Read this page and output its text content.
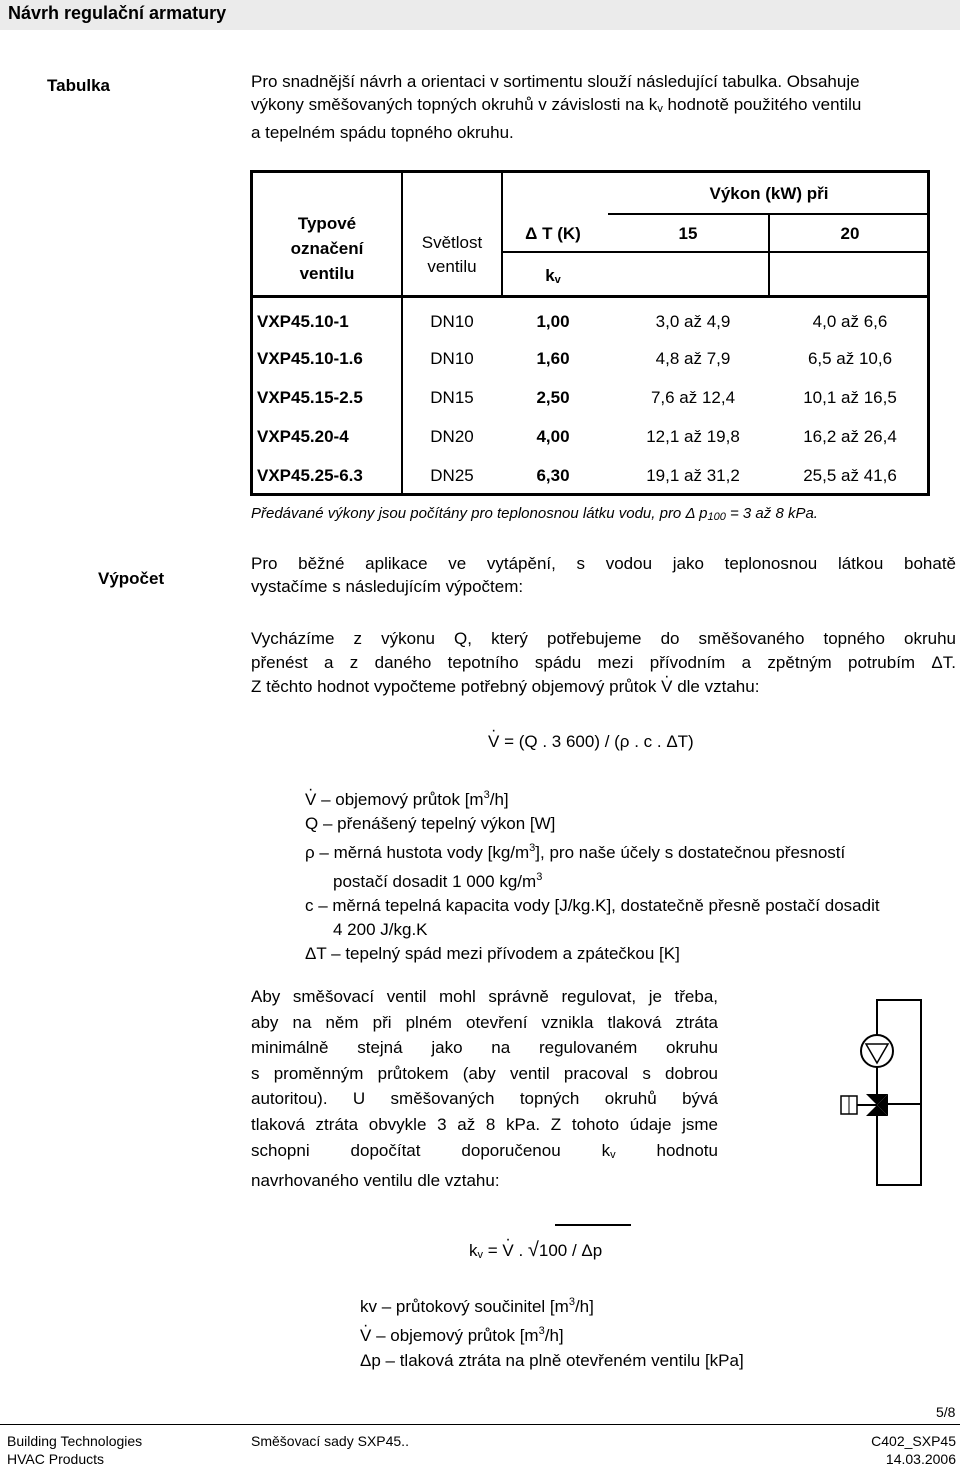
Návrh regulační armatury
Tabulka	Pro snadnější návrh a orientaci v sortimentu slouží následující tabulka. Obsahuje
výkony směšovaných topných okruhů v závislosti na kv hodnotě použitého ventilu
a tepelném spádu topného okruhu.
Typové
označení
ventilu
Světlost
ventilu
Výkon (kW) při
Δ T (K)	15	20
kv
VXP45.10-1	DN10	1,00	3,0 až 4,9	4,0 až 6,6
VXP45.10-1.6	DN10	1,60	4,8 až 7,9	6,5 až 10,6
VXP45.15-2.5	DN15	2,50	7,6 až 12,4	10,1 až 16,5
VXP45.20-4	DN20	4,00	12,1 až 19,8	16,2 až 26,4
VXP45.25-6.3	DN25	6,30	19,1 až 31,2	25,5 až 41,6
Předávané výkony jsou počítány pro teplonosnou látku vodu, pro Δ p100 = 3 až 8 kPa.
Výpočet
Pro běžné aplikace ve vytápění, s vodou jako teplonosnou látkou bohatě
vystačíme s následujícím výpočtem:
Vycházíme z výkonu Q, který potřebujeme do směšovaného topného okruhu
přenést a z daného tepotního spádu mezi přívodním a zpětným potrubím ΔT.
Z těchto hodnot vypočteme potřebný objemový průtok · V dle vztahu:
· V = (Q . 3 600) / (ρ . c . ΔT)
· V – objemový průtok $[m^3/h]$
Q – přenášený tepelný výkon [W]
ρ – měrná hustota vody $[kg/m^3]$, pro naše účely s dostatečnou přesností
postačí dosadit 1 000 $kg/m^3$
c – měrná tepelná kapacita vody [J/kg.K], dostatečně přesně postačí dosadit
4 200 J/kg.K
ΔT – tepelný spád mezi přívodem a zpátečkou [K]
Aby směšovací ventil mohl správně regulovat, je třeba,
aby na něm při plném otevření vznikla tlaková ztráta
minimálně stejná jako na regulovaném okruhu
s proměnným průtokem (aby ventil pracoval s dobrou
autoritou). U směšovaných topných okruhů bývá
tlaková ztráta obvykle 3 až 8 kPa. Z tohoto údaje jsme
schopni dopočítat doporučenou kv hodnotu
navrhovaného ventilu dle vztahu:
kv = · V . √100 / Δp
kv – průtokový součinitel $[m^3/h]$
· V – objemový průtok $[m^3/h]$
Δp – tlaková ztráta na plně otevřeném ventilu [kPa]
5/8
Building Technologies
HVAC Products
Směšovací sady SXP45..	C402_SXP45
14.03.2006
